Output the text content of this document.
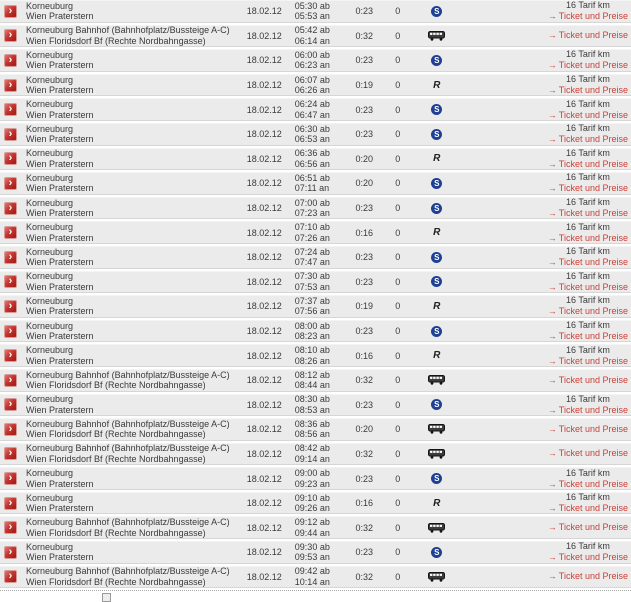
› Korneuburg
Wien Praterstern	18.02.12
05:30 ab
05:53 an	0:23	0	S
16 Tarif km
→ Ticket und Preise
› Korneuburg Bahnhof (Bahnhofplatz/Bussteige A-C)
Wien Floridsdorf Bf (Rechte Nordbahngasse)	18.02.12
05:42 ab
06:14 an	0:32	0	→ Ticket und Preise
› Korneuburg
Wien Praterstern	18.02.12
06:00 ab
06:23 an	0:23	0	S
16 Tarif km
→ Ticket und Preise
› Korneuburg
Wien Praterstern	18.02.12
06:07 ab
06:26 an	0:19	0	R
16 Tarif km
→ Ticket und Preise
› Korneuburg
Wien Praterstern	18.02.12
06:24 ab
06:47 an	0:23	0	S
16 Tarif km
→ Ticket und Preise
› Korneuburg
Wien Praterstern	18.02.12
06:30 ab
06:53 an	0:23	0	S
16 Tarif km
→ Ticket und Preise
› Korneuburg
Wien Praterstern	18.02.12
06:36 ab
06:56 an	0:20	0	R
16 Tarif km
→ Ticket und Preise
› Korneuburg
Wien Praterstern	18.02.12
06:51 ab
07:11 an	0:20	0	S
16 Tarif km
→ Ticket und Preise
› Korneuburg
Wien Praterstern	18.02.12
07:00 ab
07:23 an	0:23	0	S
16 Tarif km
→ Ticket und Preise
› Korneuburg
Wien Praterstern	18.02.12
07:10 ab
07:26 an	0:16	0	R
16 Tarif km
→ Ticket und Preise
› Korneuburg
Wien Praterstern	18.02.12
07:24 ab
07:47 an	0:23	0	S
16 Tarif km
→ Ticket und Preise
› Korneuburg
Wien Praterstern	18.02.12
07:30 ab
07:53 an	0:23	0	S
16 Tarif km
→ Ticket und Preise
› Korneuburg
Wien Praterstern	18.02.12
07:37 ab
07:56 an	0:19	0	R
16 Tarif km
→ Ticket und Preise
› Korneuburg
Wien Praterstern	18.02.12
08:00 ab
08:23 an	0:23	0	S
16 Tarif km
→ Ticket und Preise
› Korneuburg
Wien Praterstern	18.02.12
08:10 ab
08:26 an	0:16	0	R
16 Tarif km
→ Ticket und Preise
› Korneuburg Bahnhof (Bahnhofplatz/Bussteige A-C)
Wien Floridsdorf Bf (Rechte Nordbahngasse)	18.02.12
08:12 ab
08:44 an	0:32	0	→ Ticket und Preise
› Korneuburg
Wien Praterstern	18.02.12
08:30 ab
08:53 an	0:23	0	S
16 Tarif km
→ Ticket und Preise
› Korneuburg Bahnhof (Bahnhofplatz/Bussteige A-C)
Wien Floridsdorf Bf (Rechte Nordbahngasse)	18.02.12
08:36 ab
08:56 an	0:20	0	→ Ticket und Preise
› Korneuburg Bahnhof (Bahnhofplatz/Bussteige A-C)
Wien Floridsdorf Bf (Rechte Nordbahngasse)	18.02.12
08:42 ab
09:14 an	0:32	0	→ Ticket und Preise
› Korneuburg
Wien Praterstern	18.02.12
09:00 ab
09:23 an	0:23	0	S
16 Tarif km
→ Ticket und Preise
› Korneuburg
Wien Praterstern	18.02.12
09:10 ab
09:26 an	0:16	0	R
16 Tarif km
→ Ticket und Preise
› Korneuburg Bahnhof (Bahnhofplatz/Bussteige A-C)
Wien Floridsdorf Bf (Rechte Nordbahngasse)	18.02.12
09:12 ab
09:44 an	0:32	0	→ Ticket und Preise
› Korneuburg
Wien Praterstern	18.02.12
09:30 ab
09:53 an	0:23	0	S
16 Tarif km
→ Ticket und Preise
› Korneuburg Bahnhof (Bahnhofplatz/Bussteige A-C)
Wien Floridsdorf Bf (Rechte Nordbahngasse)	18.02.12
09:42 ab
10:14 an	0:32	0	→ Ticket und Preise
